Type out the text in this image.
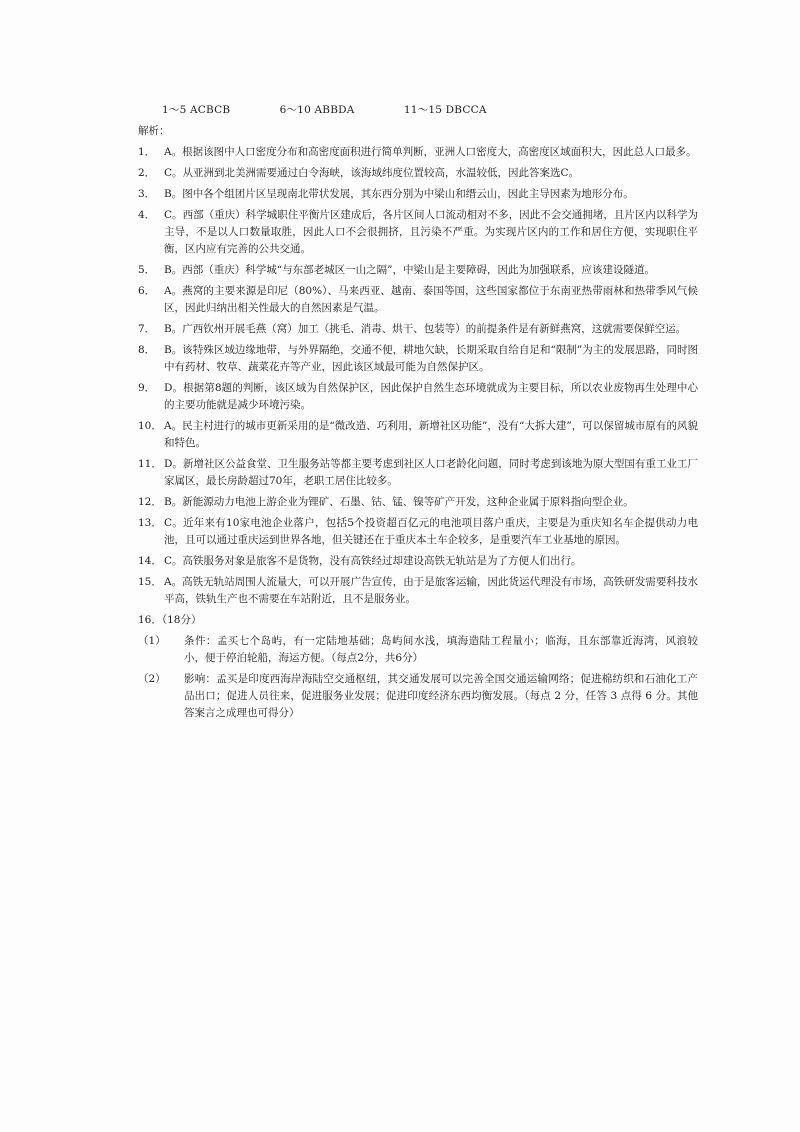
1～5 ACBCB	6～10 ABBDA	11～15 DBCCA
解析：
1． A。根据该图中人口密度分布和高密度面积进行简单判断，亚洲人口密度大，高密度区域面积大，因此总人口最多。
2． C。从亚洲到北美洲需要通过白令海峡，该海域纬度位置较高，水温较低，因此答案选C。
3． B。图中各个组团片区呈现南北带状发展，其东西分别为中梁山和缙云山，因此主导因素为地形分布。
4． C。西部（重庆）科学城职住平衡片区建成后，各片区间人口流动相对不多，因此不会交通拥堵，且片区内以科学为主导，不是以人口数量取胜，因此人口不会很拥挤，且污染不严重。为实现片区内的工作和居住方便，实现职住平衡，区内应有完善的公共交通。
5． B。西部（重庆）科学城“与东部老城区一山之隔”，中梁山是主要障碍，因此为加强联系，应该建设隧道。
6． A。燕窝的主要来源是印尼（80%）、马来西亚、越南、泰国等国，这些国家都位于东南亚热带雨林和热带季风气候区，因此归纳出相关性最大的自然因素是气温。
7． B。广西钦州开展毛燕（窝）加工（挑毛、消毒、烘干、包装等）的前提条件是有新鲜燕窝，这就需要保鲜空运。
8． B。该特殊区域边缘地带，与外界隔绝，交通不便，耕地欠缺，长期采取自给自足和“限制”为主的发展思路，同时图中有药材、牧草、蔬菜花卉等产业，因此该区域最可能为自然保护区。
9． D。根据第8题的判断，该区域为自然保护区，因此保护自然生态环境就成为主要目标，所以农业废物再生处理中心的主要功能就是减少环境污染。
10． A。民主村进行的城市更新采用的是“微改造、巧利用，新增社区功能”，没有“大拆大建”，可以保留城市原有的风貌和特色。
11． D。新增社区公益食堂、卫生服务站等都主要考虑到社区人口老龄化问题，同时考虑到该地为原大型国有重工业工厂家属区，最长房龄超过70年，老职工居住比较多。
12． B。新能源动力电池上游企业为锂矿、石墨、钴、锰、镍等矿产开发，这种企业属于原料指向型企业。
13． C。近年来有10家电池企业落户，包括5个投资超百亿元的电池项目落户重庆，主要是为重庆知名车企提供动力电池，且可以通过重庆运到世界各地，但关键还在于重庆本土车企较多，是重要汽车工业基地的原因。
14． C。高铁服务对象是旅客不是货物，没有高铁经过却建设高铁无轨站是为了方便人们出行。
15． A。高铁无轨站周围人流量大，可以开展广告宣传，由于是旅客运输，因此货运代理没有市场，高铁研发需要科技水平高，铁轨生产也不需要在车站附近，且不是服务业。
16．（18分）
（1）	条件：孟买七个岛屿，有一定陆地基础；岛屿间水浅，填海造陆工程量小；临海，且东部靠近海湾，风浪较小，便于停泊轮船，海运方便。（每点2分，共6分）
（2）	影响：孟买是印度西海岸海陆空交通枢纽，其交通发展可以完善全国交通运输网络；促进棉纺织和石油化工产品出口；促进人员往来，促进服务业发展；促进印度经济东西均衡发展。（每点 2 分，任答 3 点得 6 分。其他答案言之成理也可得分）
